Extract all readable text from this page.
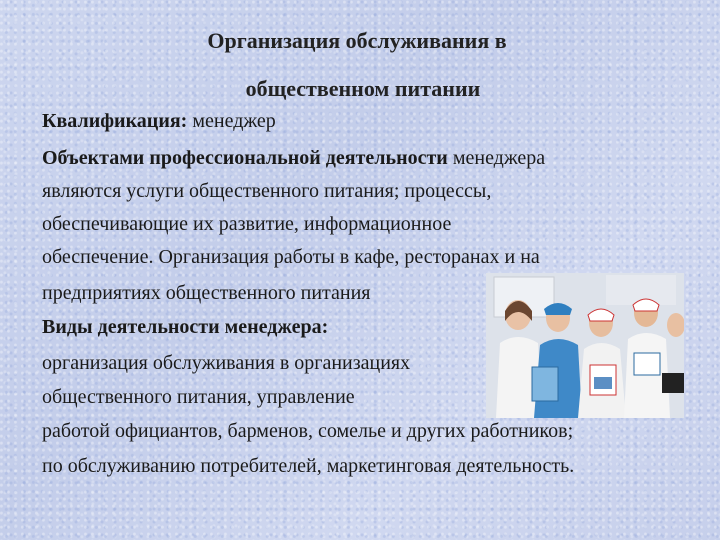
Организация обслуживания в
общественном питании
Квалификация: менеджер
Объектами профессиональной деятельности менеджера
являются услуги общественного питания; процессы,
обеспечивающие их развитие, информационное
обеспечение. Организация работы в кафе, ресторанах и на
предприятиях общественного питания
Виды деятельности менеджера:
организация обслуживания в организациях
общественного питания, управление
работой официантов, барменов, сомелье и других работников;
по обслуживанию потребителей, маркетинговая деятельность.
